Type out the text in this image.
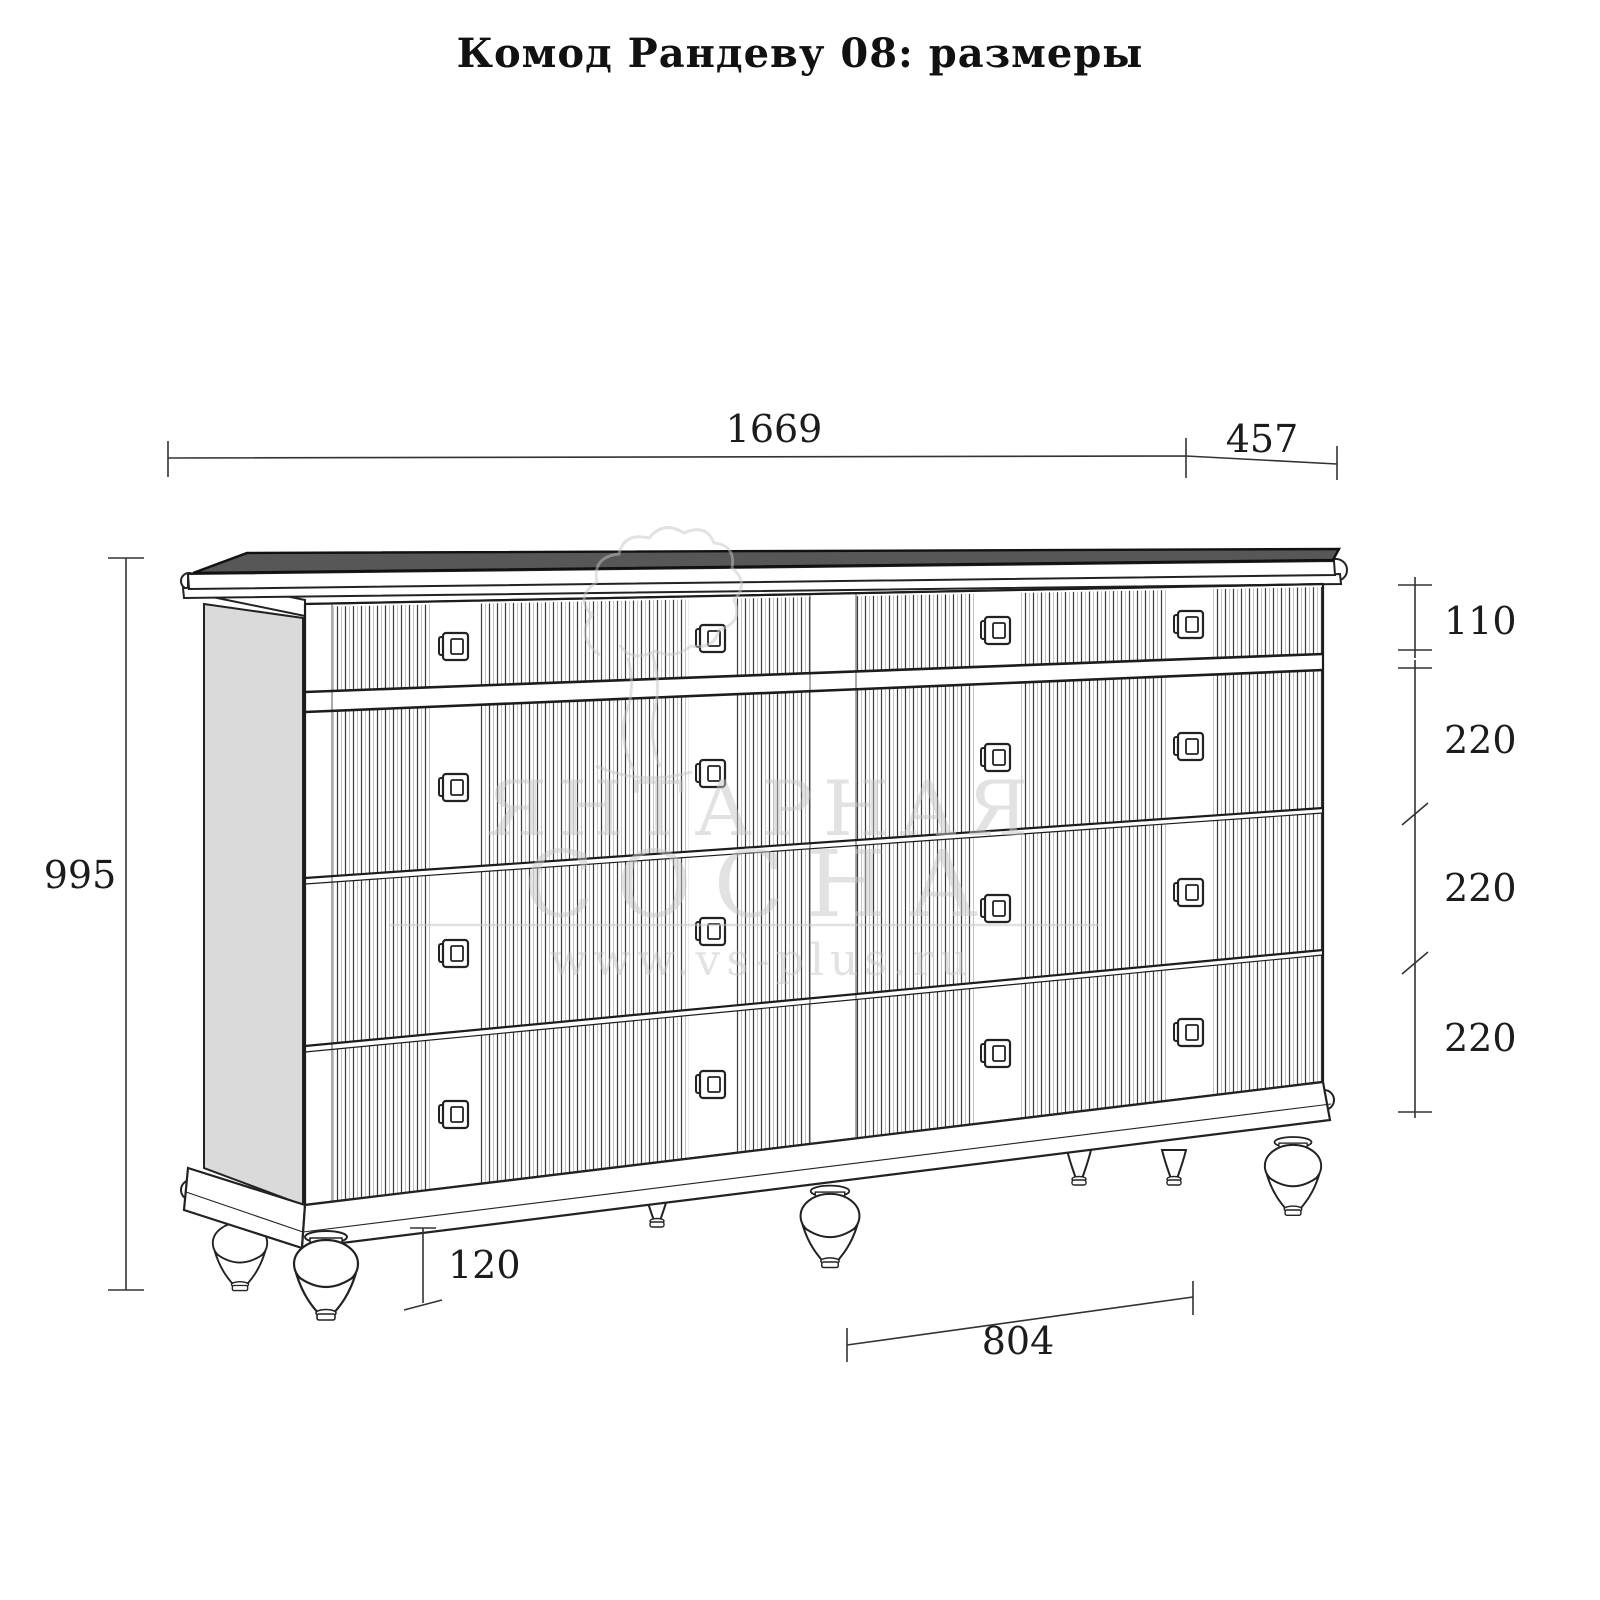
Комод Рандеву 08: размеры
ЯНТАРНАЯ
СОСНА
www.vs-plus.ru
1669	457
995
110
220
220
220
120
804
